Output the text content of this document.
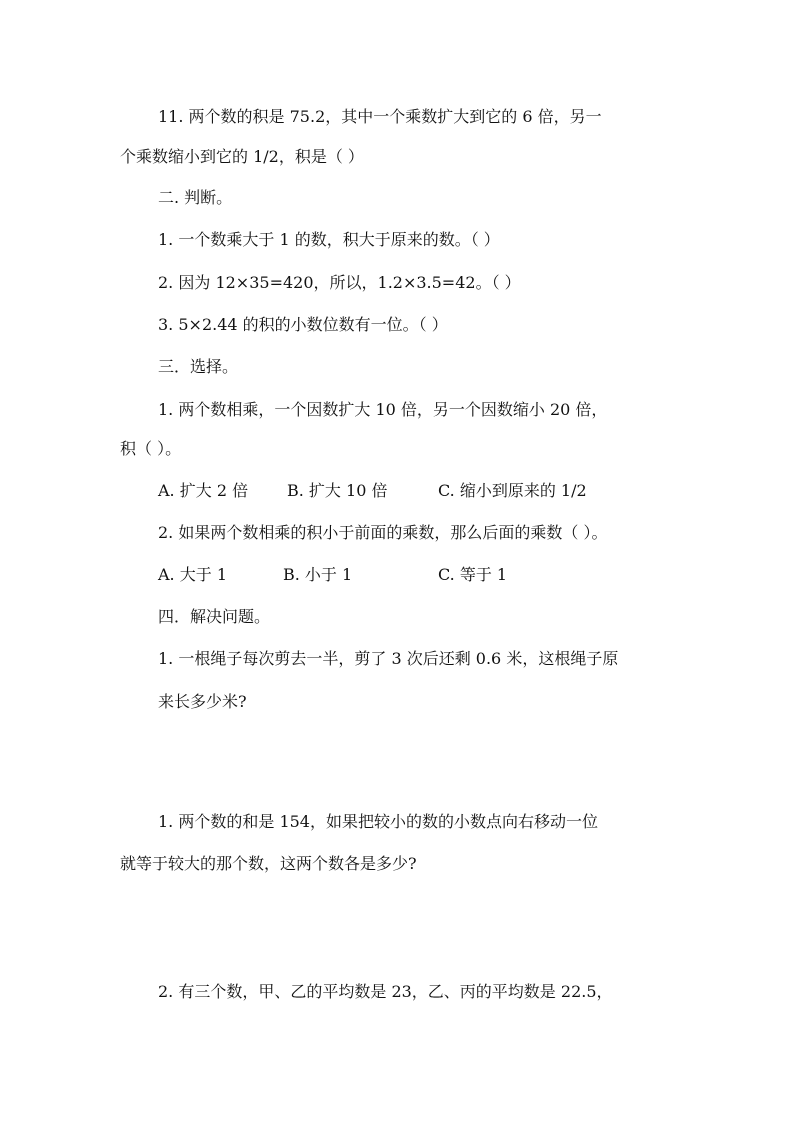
11. 两个数的积是 75.2，其中一个乘数扩大到它的 6 倍，另一
个乘数缩小到它的 1/2，积是（ ）
二. 判断。
1. 一个数乘大于 1 的数，积大于原来的数。（ ）
2. 因为 12×35=420，所以，1.2×3.5=42。（ ）
3. 5×2.44 的积的小数位数有一位。（ ）
三．选择。
1. 两个数相乘，一个因数扩大 10 倍，另一个因数缩小 20 倍，
积（ ）。
A. 扩大 2 倍 B. 扩大 10 倍	C. 缩小到原来的 1/2
2. 如果两个数相乘的积小于前面的乘数，那么后面的乘数（ ）。
A. 大于 1	B. 小于 1	C. 等于 1
四．解决问题。
1. 一根绳子每次剪去一半，剪了 3 次后还剩 0.6 米，这根绳子原
来长多少米?
1. 两个数的和是 154，如果把较小的数的小数点向右移动一位
就等于较大的那个数，这两个数各是多少?
2. 有三个数，甲、乙的平均数是 23，乙、丙的平均数是 22.5，
